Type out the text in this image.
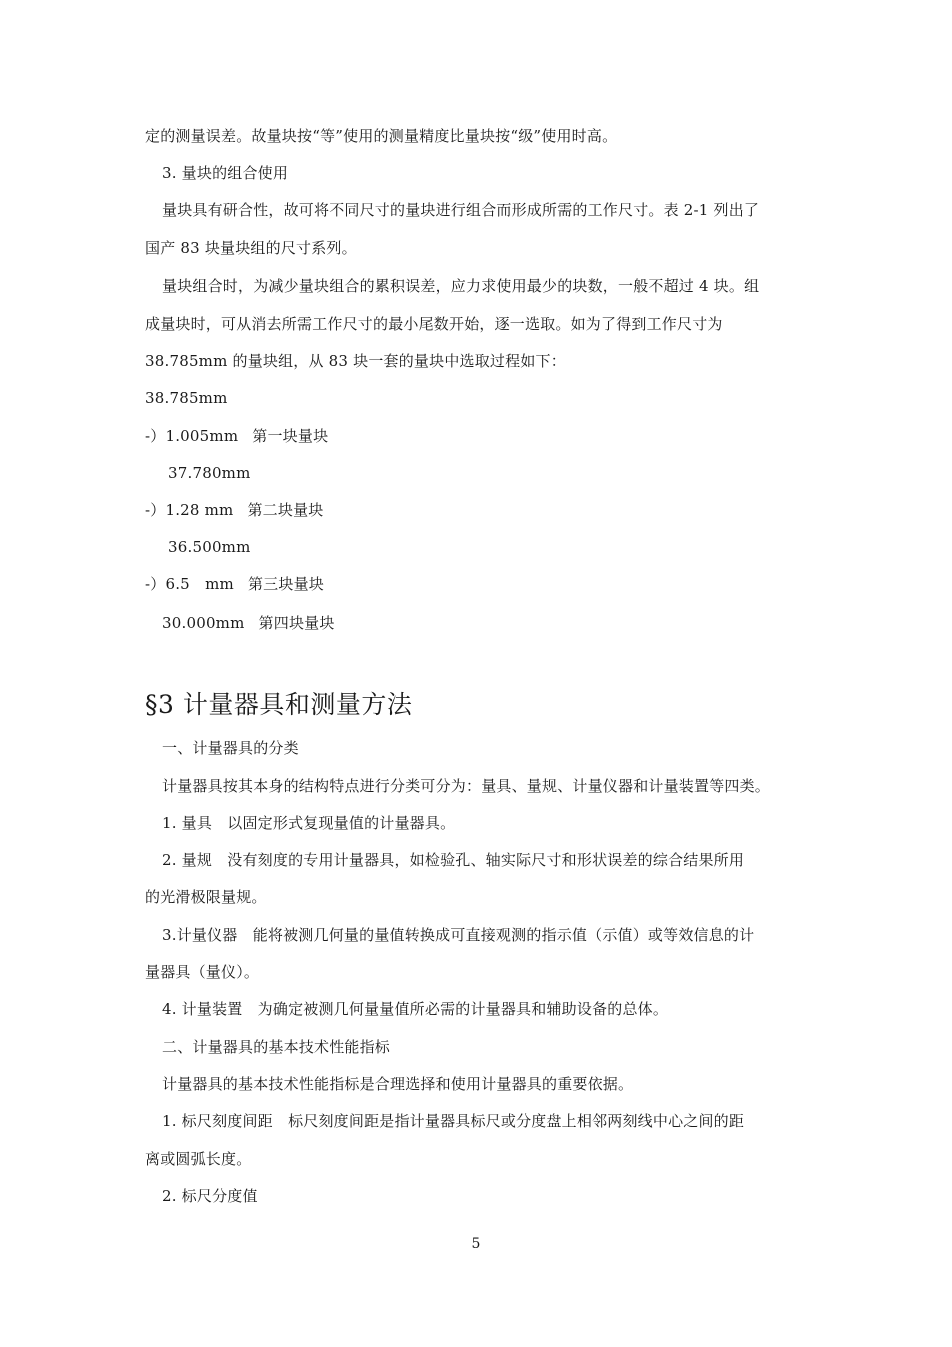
定的测量误差。故量块按“等”使用的测量精度比量块按“级”使用时高。
3. 量块的组合使用
量块具有研合性，故可将不同尺寸的量块进行组合而形成所需的工作尺寸。表 2-1 列出了
国产 83 块量块组的尺寸系列。
量块组合时，为减少量块组合的累积误差，应力求使用最少的块数，一般不超过 4 块。组
成量块时，可从消去所需工作尺寸的最小尾数开始，逐一选取。如为了得到工作尺寸为
38.785mm 的量块组，从 83 块一套的量块中选取过程如下：
38.785mm
-）1.005mm 第一块量块
37.780mm
-）1.28 mm 第二块量块
36.500mm
-）6.5　mm 第三块量块
30.000mm 第四块量块
§3 计量器具和测量方法
一、计量器具的分类
计量器具按其本身的结构特点进行分类可分为：量具、量规、计量仪器和计量装置等四类。
1. 量具　以固定形式复现量值的计量器具。
2. 量规　没有刻度的专用计量器具，如检验孔、轴实际尺寸和形状误差的综合结果所用
的光滑极限量规。
3.计量仪器　能将被测几何量的量值转换成可直接观测的指示值（示值）或等效信息的计
量器具（量仪）。
4. 计量装置　为确定被测几何量量值所必需的计量器具和辅助设备的总体。
二、计量器具的基本技术性能指标
计量器具的基本技术性能指标是合理选择和使用计量器具的重要依据。
1. 标尺刻度间距　标尺刻度间距是指计量器具标尺或分度盘上相邻两刻线中心之间的距
离或圆弧长度。
2. 标尺分度值
5
